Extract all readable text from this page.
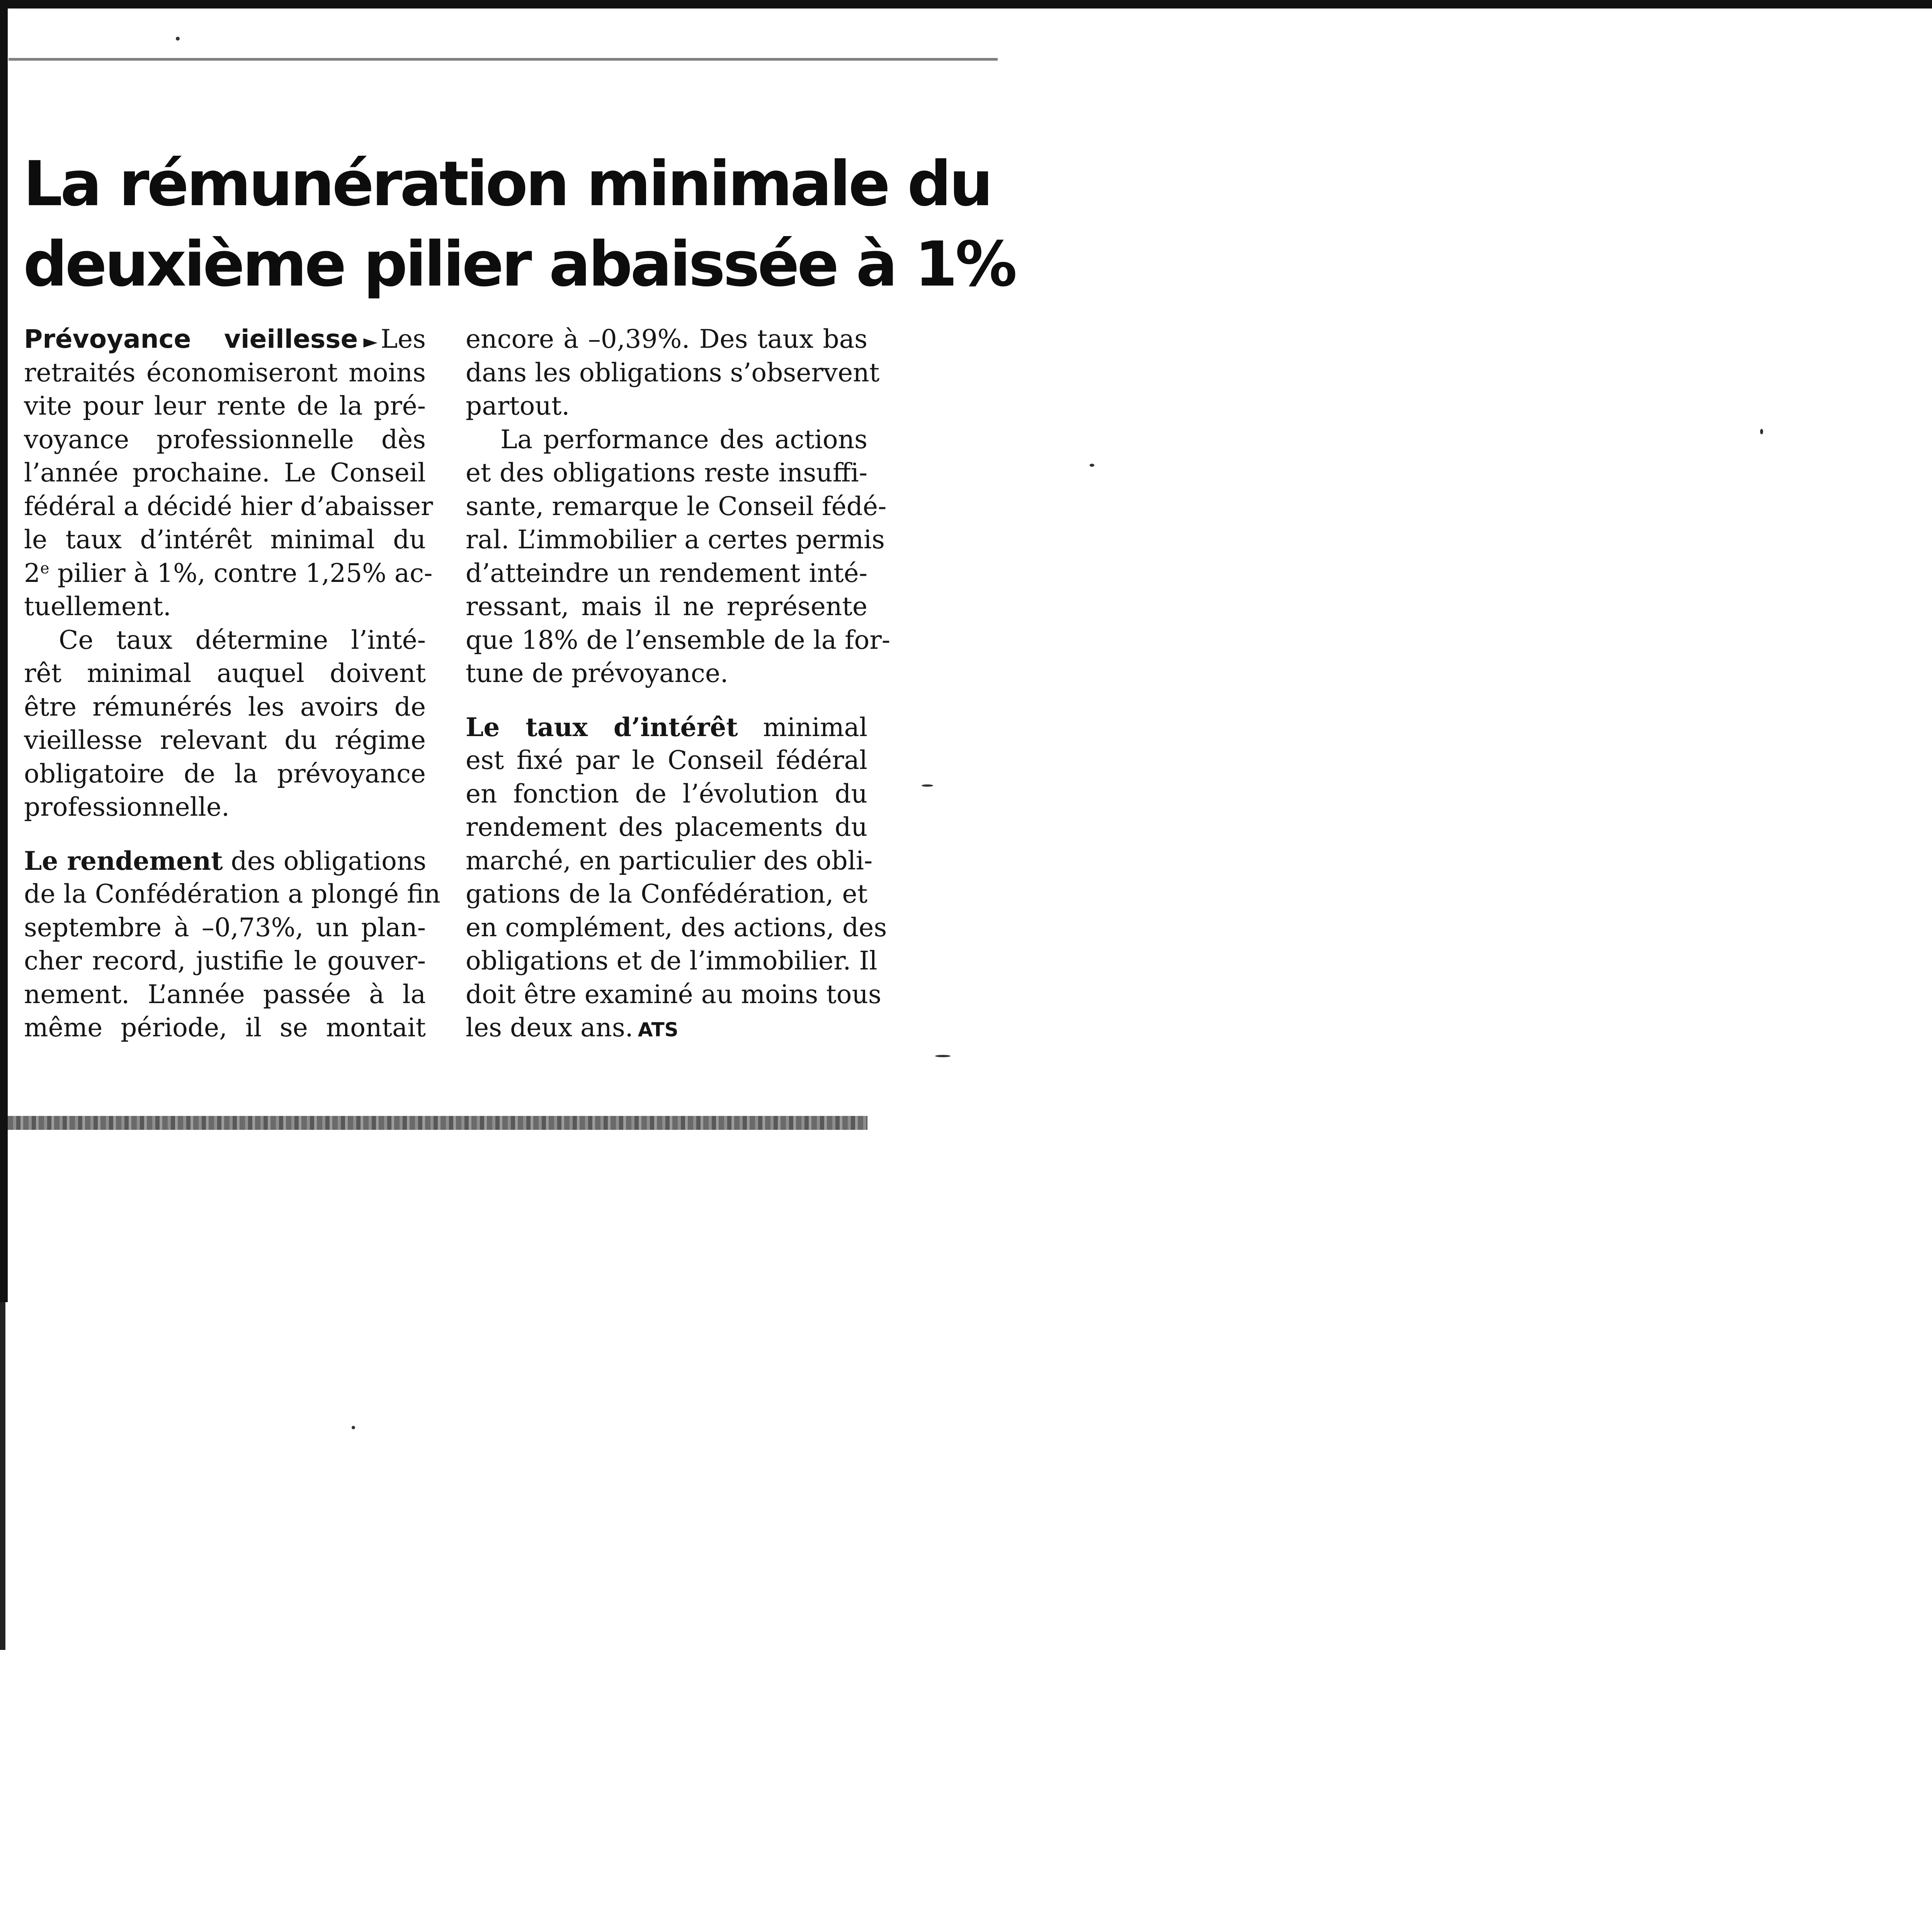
La rémunération minimale du
deuxième pilier abaissée à 1%
Prévoyance vieillesse ► Les
retraités économiseront moins
vite pour leur rente de la pré-
voyance professionnelle dès
l’année prochaine. Le Conseil
fédéral a décidé hier d’abaisser
le taux d’intérêt minimal du
2e pilier à 1%, contre 1,25% ac-
tuellement.
Ce taux détermine l’inté-
rêt minimal auquel doivent
être rémunérés les avoirs de
vieillesse relevant du régime
obligatoire de la prévoyance
professionnelle.
Le rendement des obligations
de la Confédération a plongé fin
septembre à –0,73%, un plan-
cher record, justifie le gouver-
nement. L’année passée à la
même période, il se montait
encore à –0,39%. Des taux bas
dans les obligations s’observent
partout.
La performance des actions
et des obligations reste insuffi-
sante, remarque le Conseil fédé-
ral. L’immobilier a certes permis
d’atteindre un rendement inté-
ressant, mais il ne représente
que 18% de l’ensemble de la for-
tune de prévoyance.
Le taux d’intérêt minimal
est fixé par le Conseil fédéral
en fonction de l’évolution du
rendement des placements du
marché, en particulier des obli-
gations de la Confédération, et
en complément, des actions, des
obligations et de l’immobilier. Il
doit être examiné au moins tous
les deux ans. ATS
